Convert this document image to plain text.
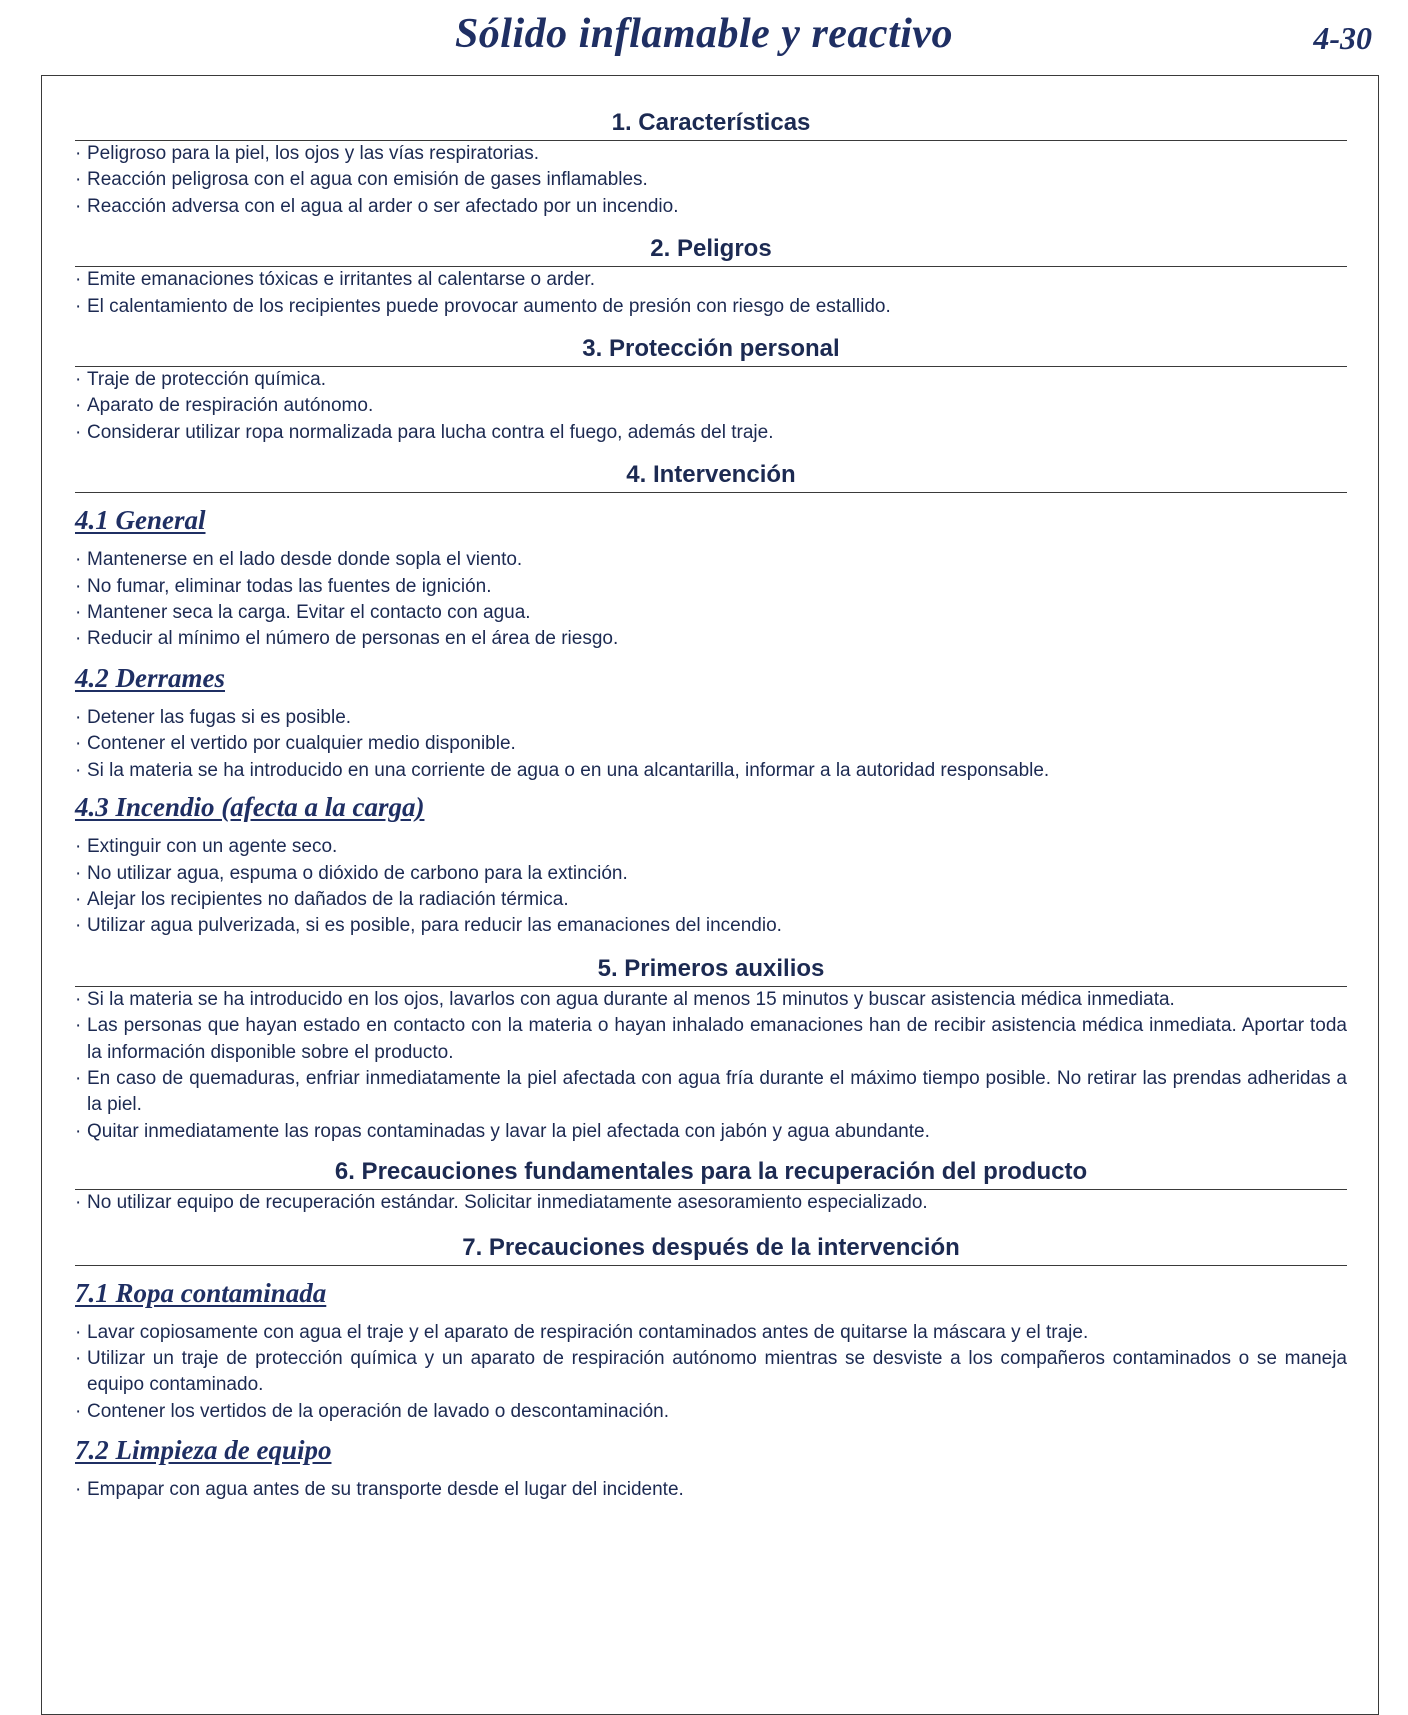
Sólido inflamable y reactivo	4-30
1. Características
· Peligroso para la piel, los ojos y las vías respiratorias.
· Reacción peligrosa con el agua con emisión de gases inflamables.
· Reacción adversa con el agua al arder o ser afectado por un incendio.
2. Peligros
· Emite emanaciones tóxicas e irritantes al calentarse o arder.
· El calentamiento de los recipientes puede provocar aumento de presión con riesgo de estallido.
3. Protección personal
· Traje de protección química.
· Aparato de respiración autónomo.
· Considerar utilizar ropa normalizada para lucha contra el fuego, además del traje.
4. Intervención
4.1 General
· Mantenerse en el lado desde donde sopla el viento.
· No fumar, eliminar todas las fuentes de ignición.
· Mantener seca la carga. Evitar el contacto con agua.
· Reducir al mínimo el número de personas en el área de riesgo.
4.2 Derrames
· Detener las fugas si es posible.
· Contener el vertido por cualquier medio disponible.
· Si la materia se ha introducido en una corriente de agua o en una alcantarilla, informar a la autoridad responsable.
4.3 Incendio (afecta a la carga)
· Extinguir con un agente seco.
· No utilizar agua, espuma o dióxido de carbono para la extinción.
· Alejar los recipientes no dañados de la radiación térmica.
· Utilizar agua pulverizada, si es posible, para reducir las emanaciones del incendio.
5. Primeros auxilios
· Si la materia se ha introducido en los ojos, lavarlos con agua durante al menos 15 minutos y buscar asistencia médica inmediata.
· Las personas que hayan estado en contacto con la materia o hayan inhalado emanaciones han de recibir asistencia médica inmediata. Aportar toda la información disponible sobre el producto.
· En caso de quemaduras, enfriar inmediatamente la piel afectada con agua fría durante el máximo tiempo posible. No retirar las prendas adheridas a la piel.
· Quitar inmediatamente las ropas contaminadas y lavar la piel afectada con jabón y agua abundante.
6. Precauciones fundamentales para la recuperación del producto
· No utilizar equipo de recuperación estándar. Solicitar inmediatamente asesoramiento especializado.
7. Precauciones después de la intervención
7.1 Ropa contaminada
· Lavar copiosamente con agua el traje y el aparato de respiración contaminados antes de quitarse la máscara y el traje.
· Utilizar un traje de protección química y un aparato de respiración autónomo mientras se desviste a los compañeros contaminados o se maneja equipo contaminado.
· Contener los vertidos de la operación de lavado o descontaminación.
7.2 Limpieza de equipo
· Empapar con agua antes de su transporte desde el lugar del incidente.
